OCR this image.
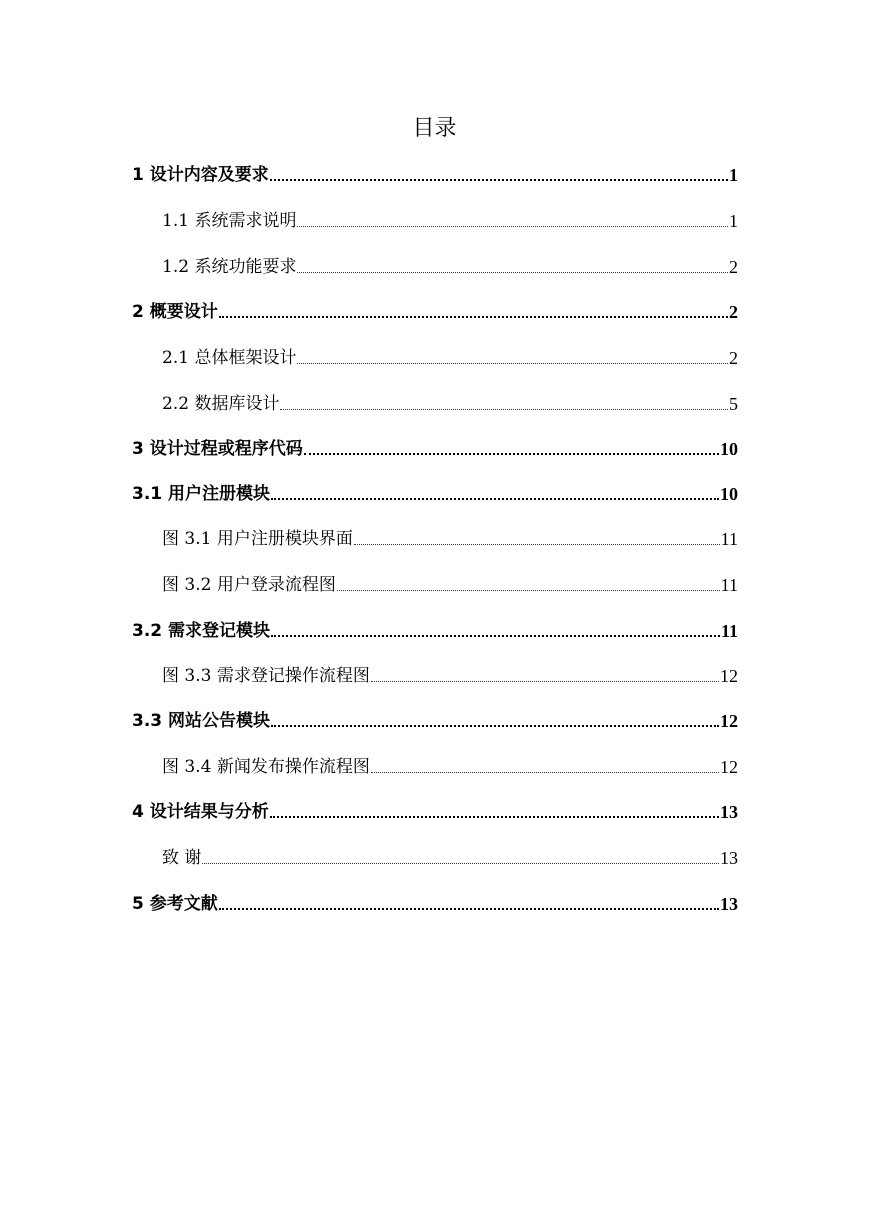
目录
1 设计内容及要求	1
1.1 系统需求说明	1
1.2 系统功能要求	2
2 概要设计	2
2.1 总体框架设计	2
2.2 数据库设计	5
3 设计过程或程序代码	10
3.1 用户注册模块	10
图 3.1 用户注册模块界面	11
图 3.2 用户登录流程图	11
3.2 需求登记模块	11
图 3.3 需求登记操作流程图	12
3.3 网站公告模块	12
图 3.4 新闻发布操作流程图	12
4 设计结果与分析	13
致 谢	13
5 参考文献	13
